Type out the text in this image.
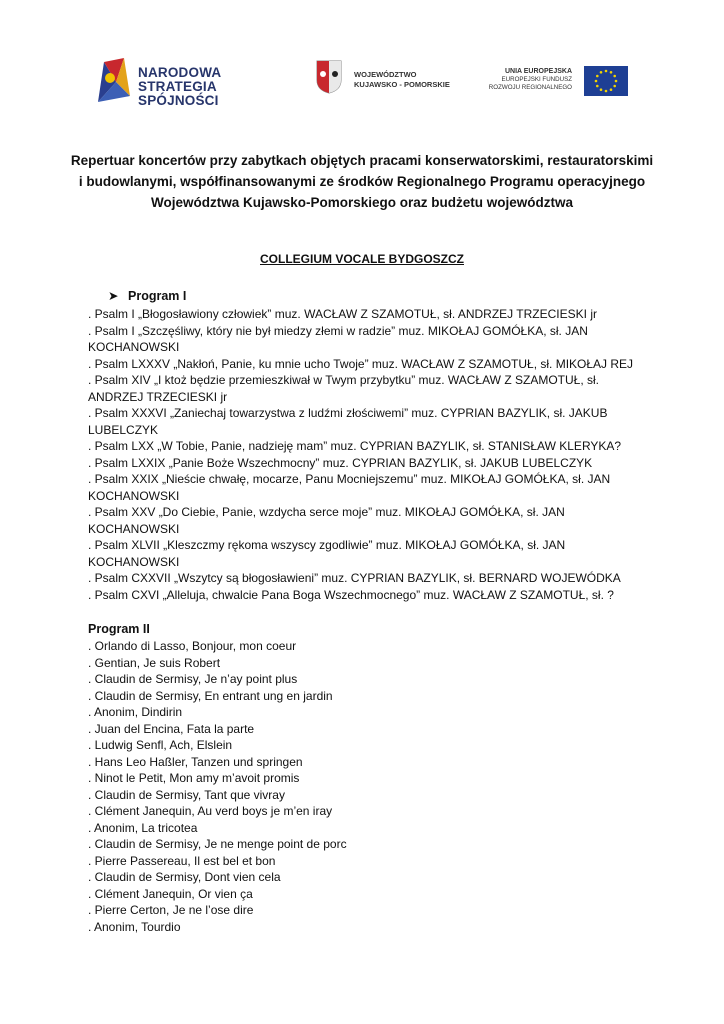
NARODOWA
STRATEGIA SPÓJNOŚCI
WOJEWÓDZTWO
KUJAWSKO - POMORSKIE
UNIA EUROPEJSKA
EUROPEJSKI FUNDUSZ
ROZWOJU REGIONALNEGO
Repertuar koncertów przy zabytkach objętych pracami konserwatorskimi, restauratorskimi
i budowlanymi, współfinansowanymi ze środków Regionalnego Programu operacyjnego
Województwa Kujawsko-Pomorskiego oraz budżetu województwa
COLLEGIUM VOCALE BYDGOSZCZ
➤ Program I
. Psalm I „Błogosławiony człowiek” muz. WACŁAW Z SZAMOTUŁ, sł. ANDRZEJ TRZECIESKI jr
. Psalm I „Szczęśliwy, który nie był miedzy złemi w radzie” muz. MIKOŁAJ GOMÓŁKA, sł. JAN KOCHANOWSKI
. Psalm LXXXV „Nakłoń, Panie, ku mnie ucho Twoje” muz. WACŁAW Z SZAMOTUŁ, sł. MIKOŁAJ REJ
. Psalm XIV „I ktoż będzie przemieszkiwał w Twym przybytku” muz. WACŁAW Z SZAMOTUŁ, sł. ANDRZEJ TRZECIESKI jr
. Psalm XXXVI „Zaniechaj towarzystwa z ludźmi złościwemi” muz. CYPRIAN BAZYLIK, sł. JAKUB LUBELCZYK
. Psalm LXX „W Tobie, Panie, nadzieję mam” muz. CYPRIAN BAZYLIK, sł. STANISŁAW KLERYKA?
. Psalm LXXIX „Panie Boże Wszechmocny” muz. CYPRIAN BAZYLIK, sł. JAKUB LUBELCZYK
. Psalm XXIX „Nieście chwałę, mocarze, Panu Mocniejszemu” muz. MIKOŁAJ GOMÓŁKA, sł. JAN KOCHANOWSKI
. Psalm XXV „Do Ciebie, Panie, wzdycha serce moje” muz. MIKOŁAJ GOMÓŁKA, sł. JAN KOCHANOWSKI
. Psalm XLVII „Kleszczmy rękoma wszyscy zgodliwie” muz. MIKOŁAJ GOMÓŁKA, sł. JAN KOCHANOWSKI
. Psalm CXXVII „Wszytcy są błogosławieni” muz. CYPRIAN BAZYLIK, sł. BERNARD WOJEWÓDKA
. Psalm CXVI „Alleluja, chwalcie Pana Boga Wszechmocnego” muz. WACŁAW Z SZAMOTUŁ, sł. ?
Program II
. Orlando di Lasso, Bonjour, mon coeur
. Gentian, Je suis Robert
. Claudin de Sermisy, Je n’ay point plus
. Claudin de Sermisy, En entrant ung en jardin
. Anonim, Dindirin
. Juan del Encina, Fata la parte
. Ludwig Senfl, Ach, Elslein
. Hans Leo Haßler, Tanzen und springen
. Ninot le Petit, Mon amy m’avoit promis
. Claudin de Sermisy, Tant que vivray
. Clément Janequin, Au verd boys je m’en iray
. Anonim, La tricotea
. Claudin de Sermisy, Je ne menge point de porc
. Pierre Passereau, Il est bel et bon
. Claudin de Sermisy, Dont vien cela
. Clément Janequin, Or vien ça
. Pierre Certon, Je ne l’ose dire
. Anonim, Tourdio
